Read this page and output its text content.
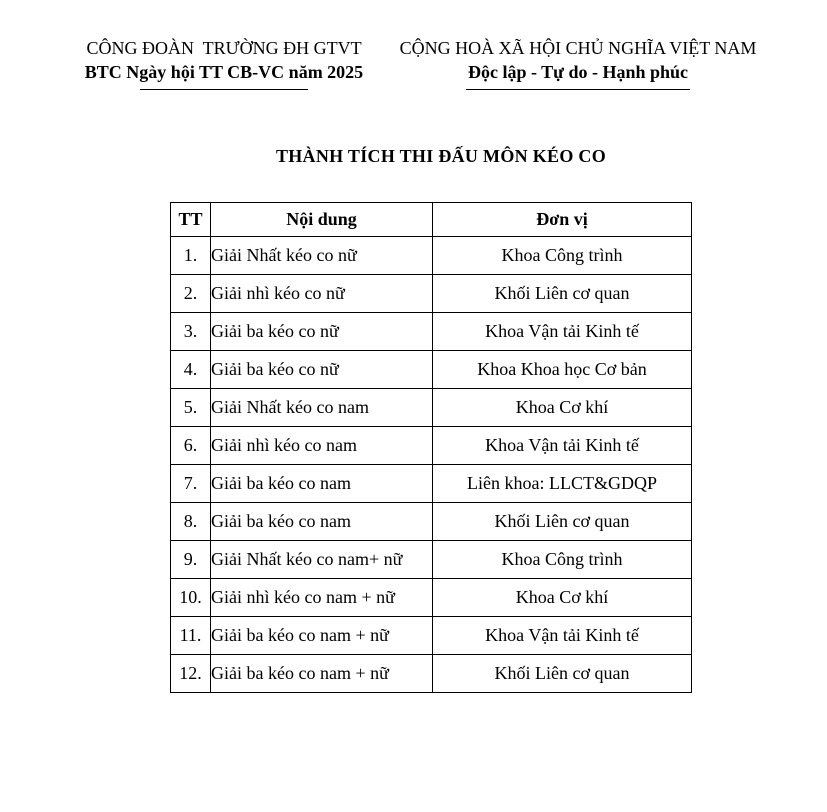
CÔNG ĐOÀN  TRƯỜNG ĐH GTVT
BTC Ngày hội TT CB-VC năm 2025
CỘNG HOÀ XÃ HỘI CHỦ NGHĨA VIỆT NAM
Độc lập - Tự do - Hạnh phúc
THÀNH TÍCH THI ĐẤU MÔN KÉO CO
TT	Nội dung	Đơn vị
1.	Giải Nhất kéo co nữ	Khoa Công trình
2.	Giải nhì kéo co nữ	Khối Liên cơ quan
3.	Giải ba kéo co nữ	Khoa Vận tải Kinh tế
4.	Giải ba kéo co nữ	Khoa Khoa học Cơ bản
5.	Giải Nhất kéo co nam	Khoa Cơ khí
6.	Giải nhì kéo co nam	Khoa Vận tải Kinh tế
7.	Giải ba kéo co nam	Liên khoa: LLCT&GDQP
8.	Giải ba kéo co nam	Khối Liên cơ quan
9.	Giải Nhất kéo co nam+ nữ	Khoa Công trình
10.	Giải nhì kéo co nam + nữ	Khoa Cơ khí
11.	Giải ba kéo co nam + nữ	Khoa Vận tải Kinh tế
12.	Giải ba kéo co nam + nữ	Khối Liên cơ quan
